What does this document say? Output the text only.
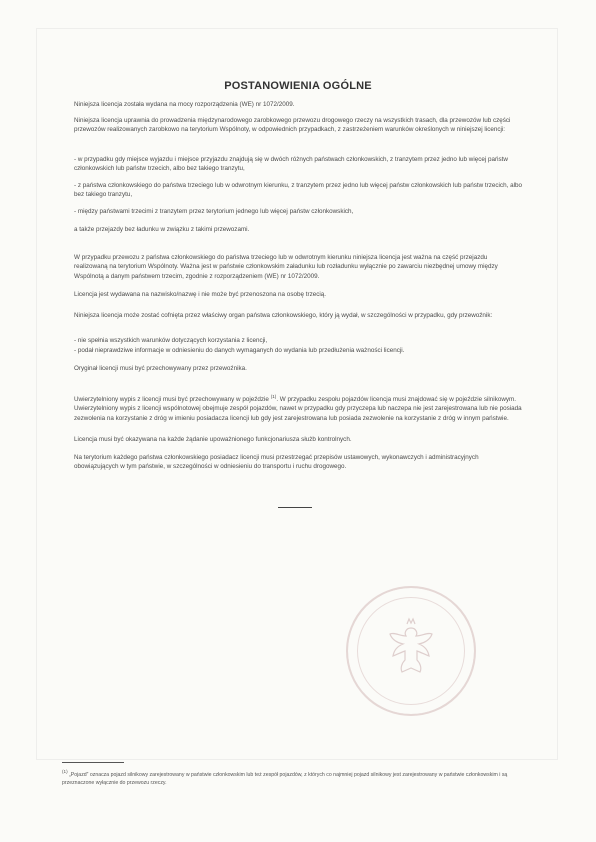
POSTANOWIENIA OGÓLNE

Niniejsza licencja została wydana na mocy rozporządzenia (WE) nr 1072/2009.

Niniejsza licencja uprawnia do prowadzenia międzynarodowego zarobkowego przewozu drogowego rzeczy na wszystkich trasach, dla przewozów lub części przewozów realizowanych zarobkowo na terytorium Wspólnoty, w odpowiednich przypadkach, z zastrzeżeniem warunków określonych w niniejszej licencji:

- w przypadku gdy miejsce wyjazdu i miejsce przyjazdu znajdują się w dwóch różnych państwach członkowskich, z tranzytem przez jedno lub więcej państw członkowskich lub państw trzecich, albo bez takiego tranzytu,

- z państwa członkowskiego do państwa trzeciego lub w odwrotnym kierunku, z tranzytem przez jedno lub więcej państw członkowskich lub państw trzecich, albo bez takiego tranzytu,

- między państwami trzecimi z tranzytem przez terytorium jednego lub więcej państw członkowskich,

a także przejazdy bez ładunku w związku z takimi przewozami.

W przypadku przewozu z państwa członkowskiego do państwa trzeciego lub w odwrotnym kierunku niniejsza licencja jest ważna na część przejazdu realizowaną na terytorium Wspólnoty. Ważna jest w państwie członkowskim załadunku lub rozładunku wyłącznie po zawarciu niezbędnej umowy między Wspólnotą a danym państwem trzecim, zgodnie z rozporządzeniem (WE) nr 1072/2009.

Licencja jest wydawana na nazwisko/nazwę i nie może być przenoszona na osobę trzecią.

Niniejsza licencja może zostać cofnięta przez właściwy organ państwa członkowskiego, który ją wydał, w szczególności w przypadku, gdy przewoźnik:

- nie spełnia wszystkich warunków dotyczących korzystania z licencji,

- podał nieprawdziwe informacje w odniesieniu do danych wymaganych do wydania lub przedłużenia ważności licencji.

Oryginał licencji musi być przechowywany przez przewoźnika.

Uwierzytelniony wypis z licencji musi być przechowywany w pojeździe $^{(1)}$. W przypadku zespołu pojazdów licencja musi znajdować się w pojeździe silnikowym. Uwierzytelniony wypis z licencji wspólnotowej obejmuje zespół pojazdów, nawet w przypadku gdy przyczepa lub naczepa nie jest zarejestrowana lub nie posiada zezwolenia na korzystanie z dróg w imieniu posiadacza licencji lub gdy jest zarejestrowana lub posiada zezwolenie na korzystanie z dróg w innym państwie.

Licencja musi być okazywana na każde żądanie upoważnionego funkcjonariusza służb kontrolnych.

Na terytorium każdego państwa członkowskiego posiadacz licencji musi przestrzegać przepisów ustawowych, wykonawczych i administracyjnych obowiązujących w tym państwie, w szczególności w odniesieniu do transportu i ruchu drogowego.

(1) „Pojazd” oznacza pojazd silnikowy zarejestrowany w państwie członkowskim lub też zespół pojazdów, z których co najmniej pojazd silnikowy jest zarejestrowany w państwie członkowskim i są przeznaczone wyłącznie do przewozu rzeczy.
